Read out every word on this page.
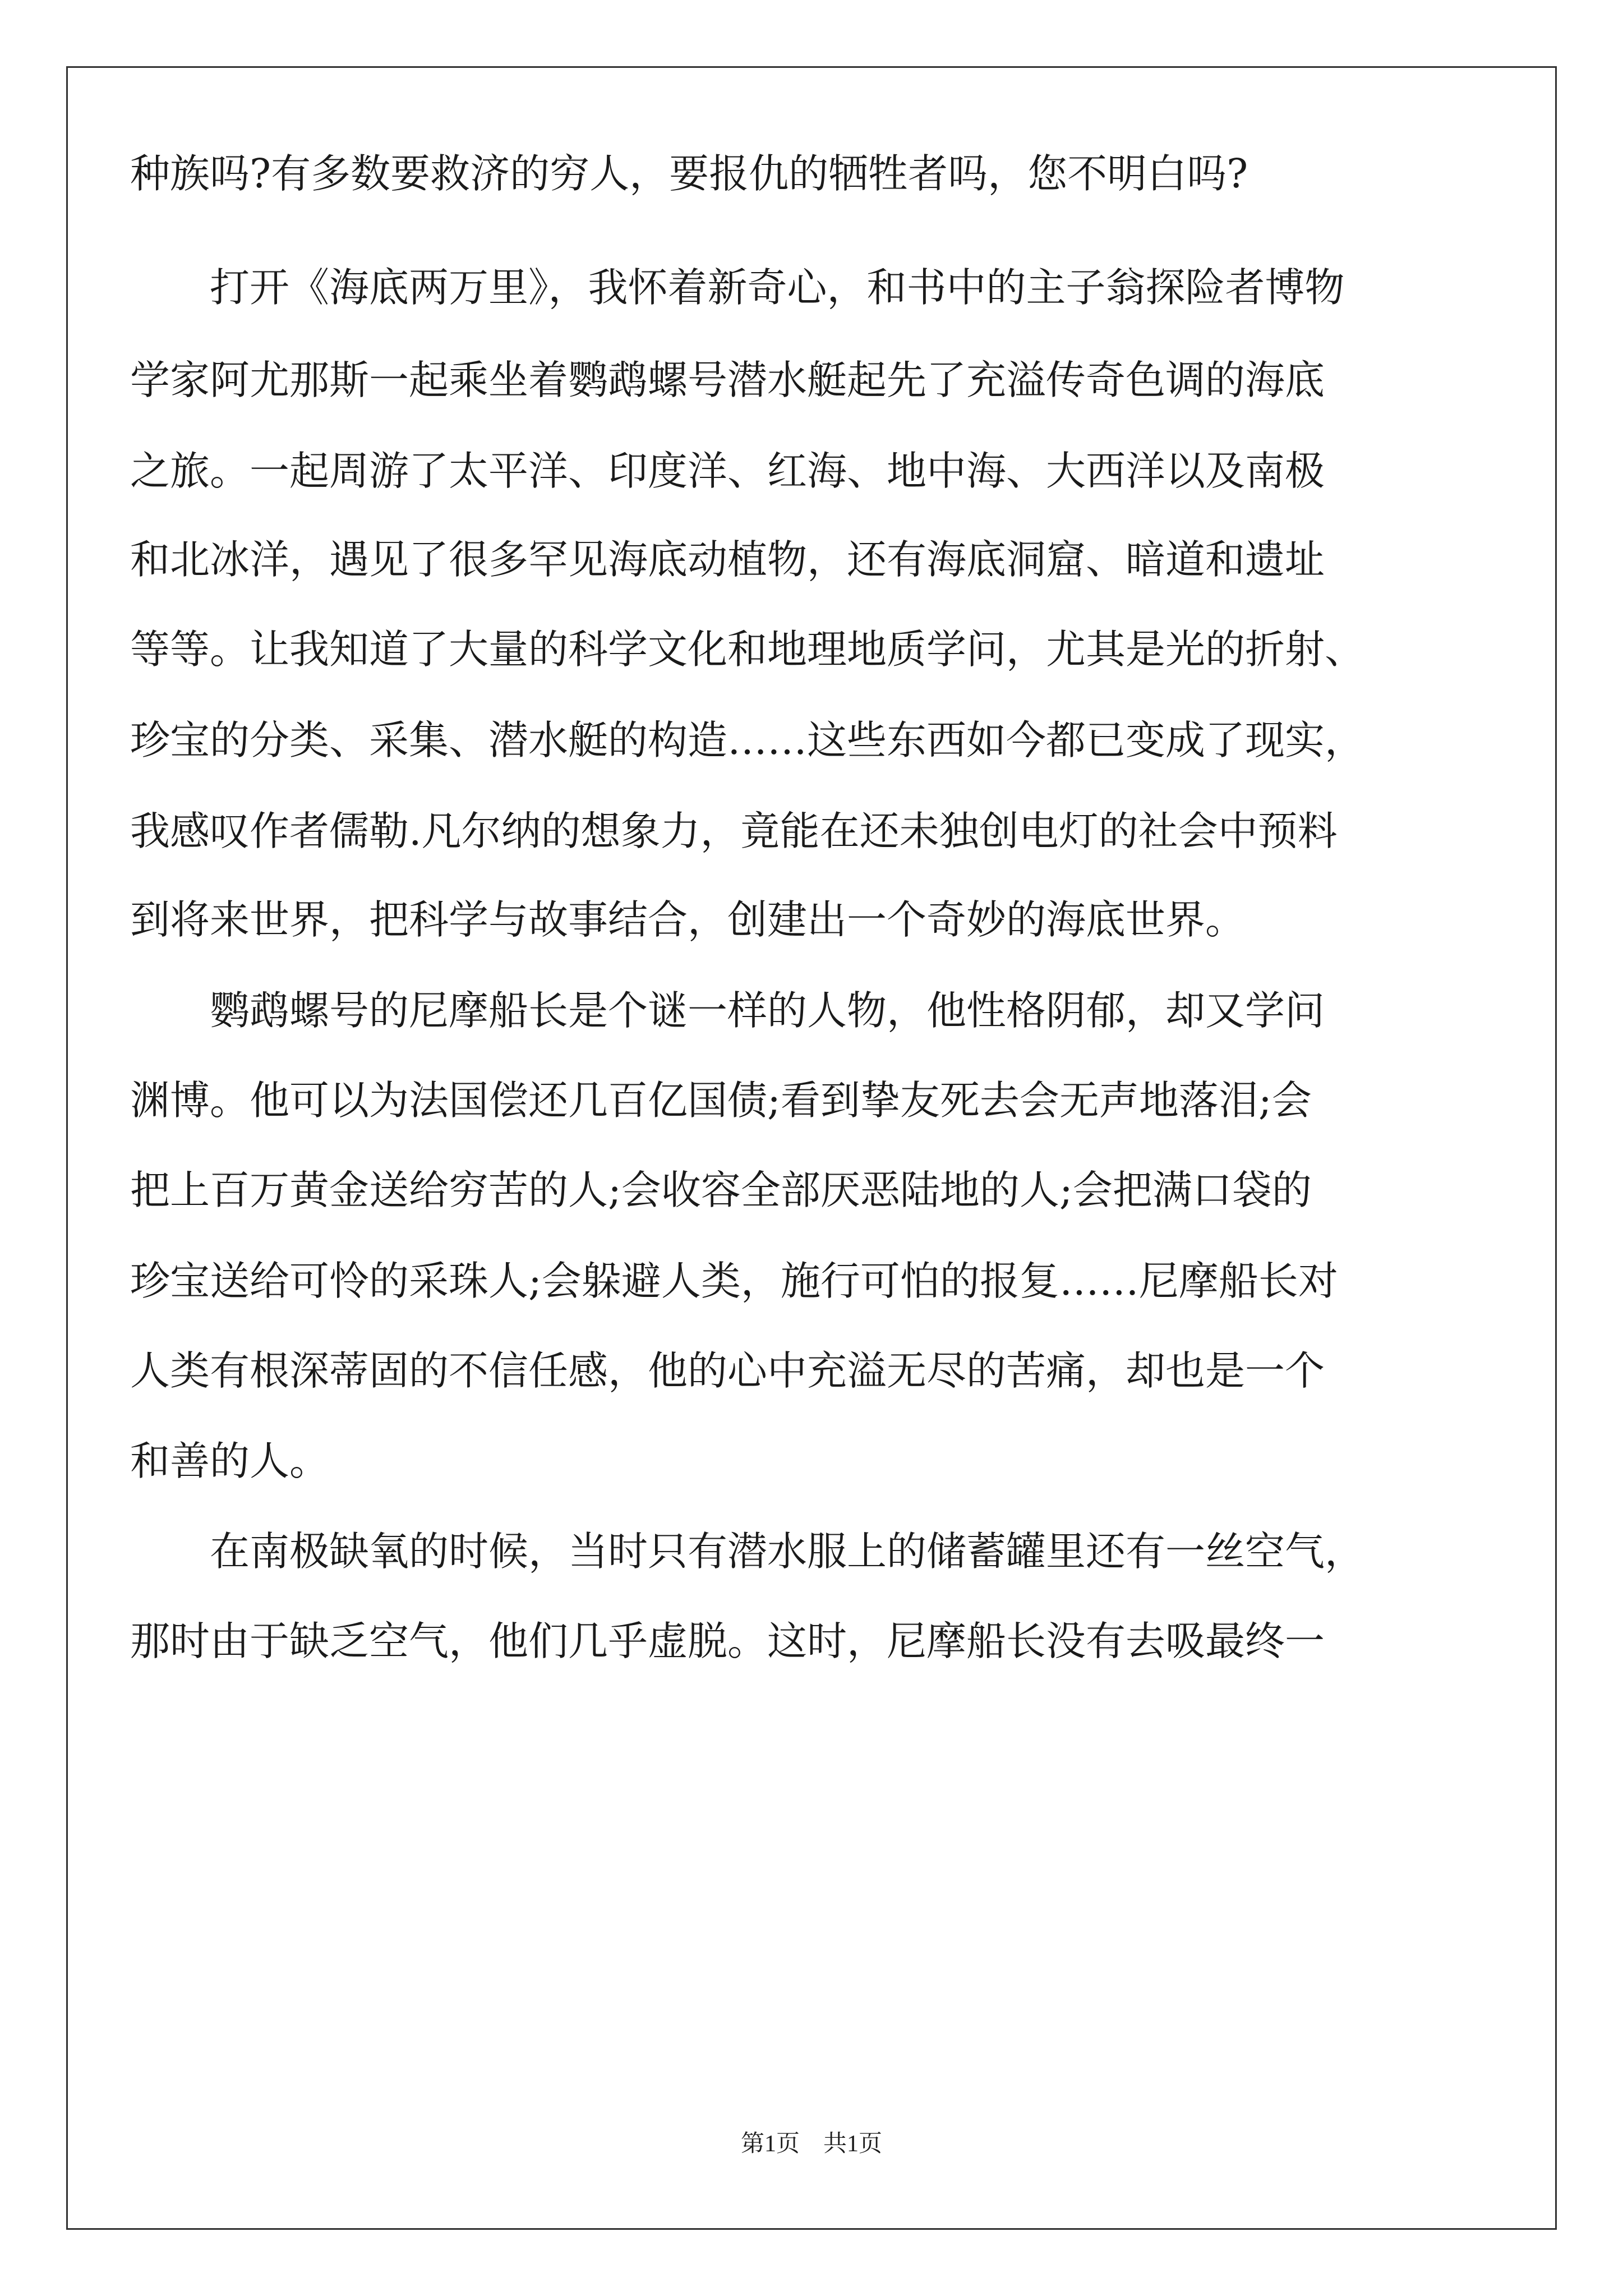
种族吗?有多数要救济的穷人，要报仇的牺牲者吗，您不明白吗?
打开《海底两万里》，我怀着新奇心，和书中的主子翁探险者博物
学家阿尤那斯一起乘坐着鹦鹉螺号潜水艇起先了充溢传奇色调的海底
之旅。一起周游了太平洋、印度洋、红海、地中海、大西洋以及南极
和北冰洋，遇见了很多罕见海底动植物，还有海底洞窟、暗道和遗址
等等。让我知道了大量的科学文化和地理地质学问，尤其是光的折射、
珍宝的分类、采集、潜水艇的构造……这些东西如今都已变成了现实，
我感叹作者儒勒.凡尔纳的想象力，竟能在还未独创电灯的社会中预料
到将来世界，把科学与故事结合，创建出一个奇妙的海底世界。
鹦鹉螺号的尼摩船长是个谜一样的人物，他性格阴郁，却又学问
渊博。他可以为法国偿还几百亿国债;看到挚友死去会无声地落泪;会
把上百万黄金送给穷苦的人;会收容全部厌恶陆地的人;会把满口袋的
珍宝送给可怜的采珠人;会躲避人类，施行可怕的报复……尼摩船长对
人类有根深蒂固的不信任感，他的心中充溢无尽的苦痛，却也是一个
和善的人。
在南极缺氧的时候，当时只有潜水服上的储蓄罐里还有一丝空气，
那时由于缺乏空气，他们几乎虚脱。这时，尼摩船长没有去吸最终一
第1页　共1页
